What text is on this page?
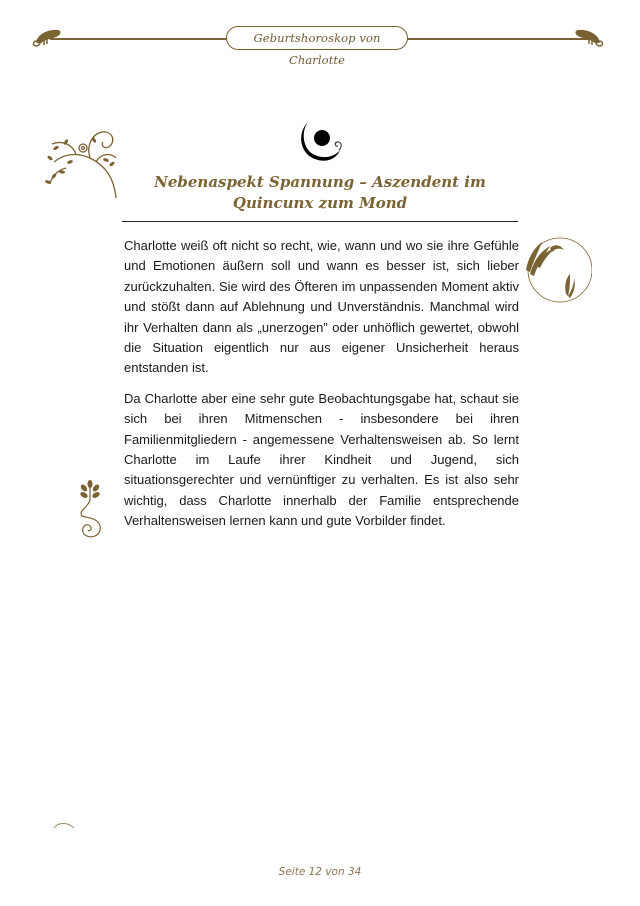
Geburtshoroskop von Charlotte
Nebenaspekt Spannung – Aszendent im Quincunx zum Mond

Charlotte weiß oft nicht so recht, wie, wann und wo sie ihre Gefühle und Emotionen äußern soll und wann es besser ist, sich lieber zurückzuhalten. Sie wird des Öfteren im unpassenden Moment aktiv und stößt dann auf Ablehnung und Unverständnis. Manchmal wird ihr Verhalten dann als „unerzogen” oder unhöflich gewertet, obwohl die Situation eigentlich nur aus eigener Unsicherheit heraus entstanden ist.

Da Charlotte aber eine sehr gute Beobachtungsgabe hat, schaut sie sich bei ihren Mitmenschen - insbesondere bei ihren Familienmitgliedern - angemessene Verhaltensweisen ab. So lernt Charlotte im Laufe ihrer Kindheit und Jugend, sich situationsgerechter und vernünftiger zu verhalten. Es ist also sehr wichtig, dass Charlotte innerhalb der Familie entsprechende Verhaltensweisen lernen kann und gute Vorbilder findet.

Seite 12 von 34
